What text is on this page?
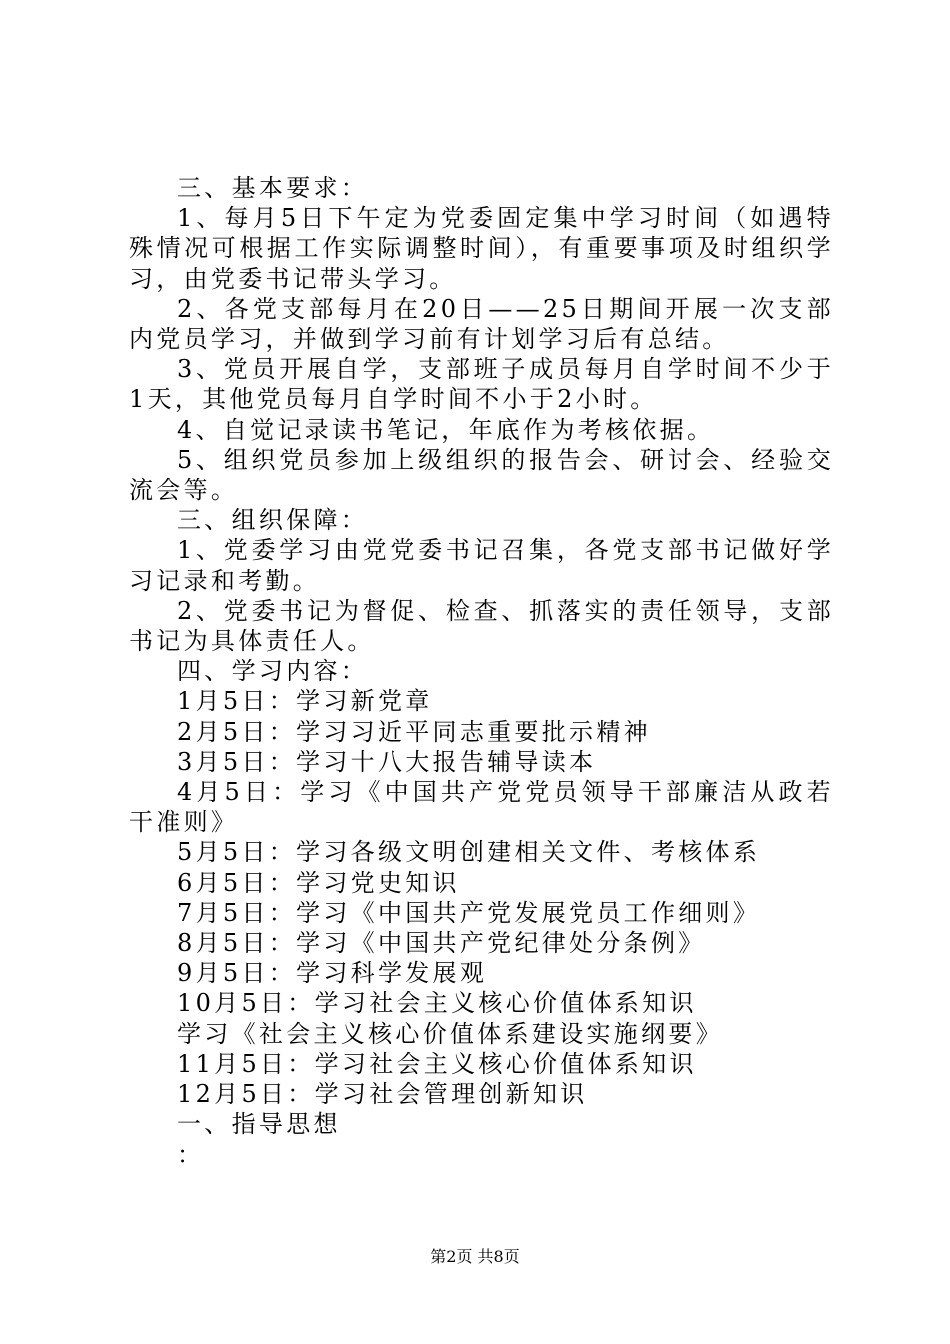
三、基本要求：

1、每月5日下午定为党委固定集中学习时间（如遇特殊情况可根据工作实际调整时间），有重要事项及时组织学习，由党委书记带头学习。

2、各党支部每月在20日——25日期间开展一次支部内党员学习，并做到学习前有计划学习后有总结。

3、党员开展自学，支部班子成员每月自学时间不少于1天，其他党员每月自学时间不小于2小时。

4、自觉记录读书笔记，年底作为考核依据。

5、组织党员参加上级组织的报告会、研讨会、经验交流会等。

三、组织保障：

1、党委学习由党党委书记召集，各党支部书记做好学习记录和考勤。

2、党委书记为督促、检查、抓落实的责任领导，支部书记为具体责任人。

四、学习内容：

1月5日：学习新党章

2月5日：学习习近平同志重要批示精神

3月5日：学习十八大报告辅导读本

4月5日：学习《中国共产党党员领导干部廉洁从政若干准则》

5月5日：学习各级文明创建相关文件、考核体系

6月5日：学习党史知识

7月5日：学习《中国共产党发展党员工作细则》

8月5日：学习《中国共产党纪律处分条例》

9月5日：学习科学发展观

10月5日：学习社会主义核心价值体系知识

学习《社会主义核心价值体系建设实施纲要》

11月5日：学习社会主义核心价值体系知识

12月5日：学习社会管理创新知识

一、指导思想

：

第2页 共8页
